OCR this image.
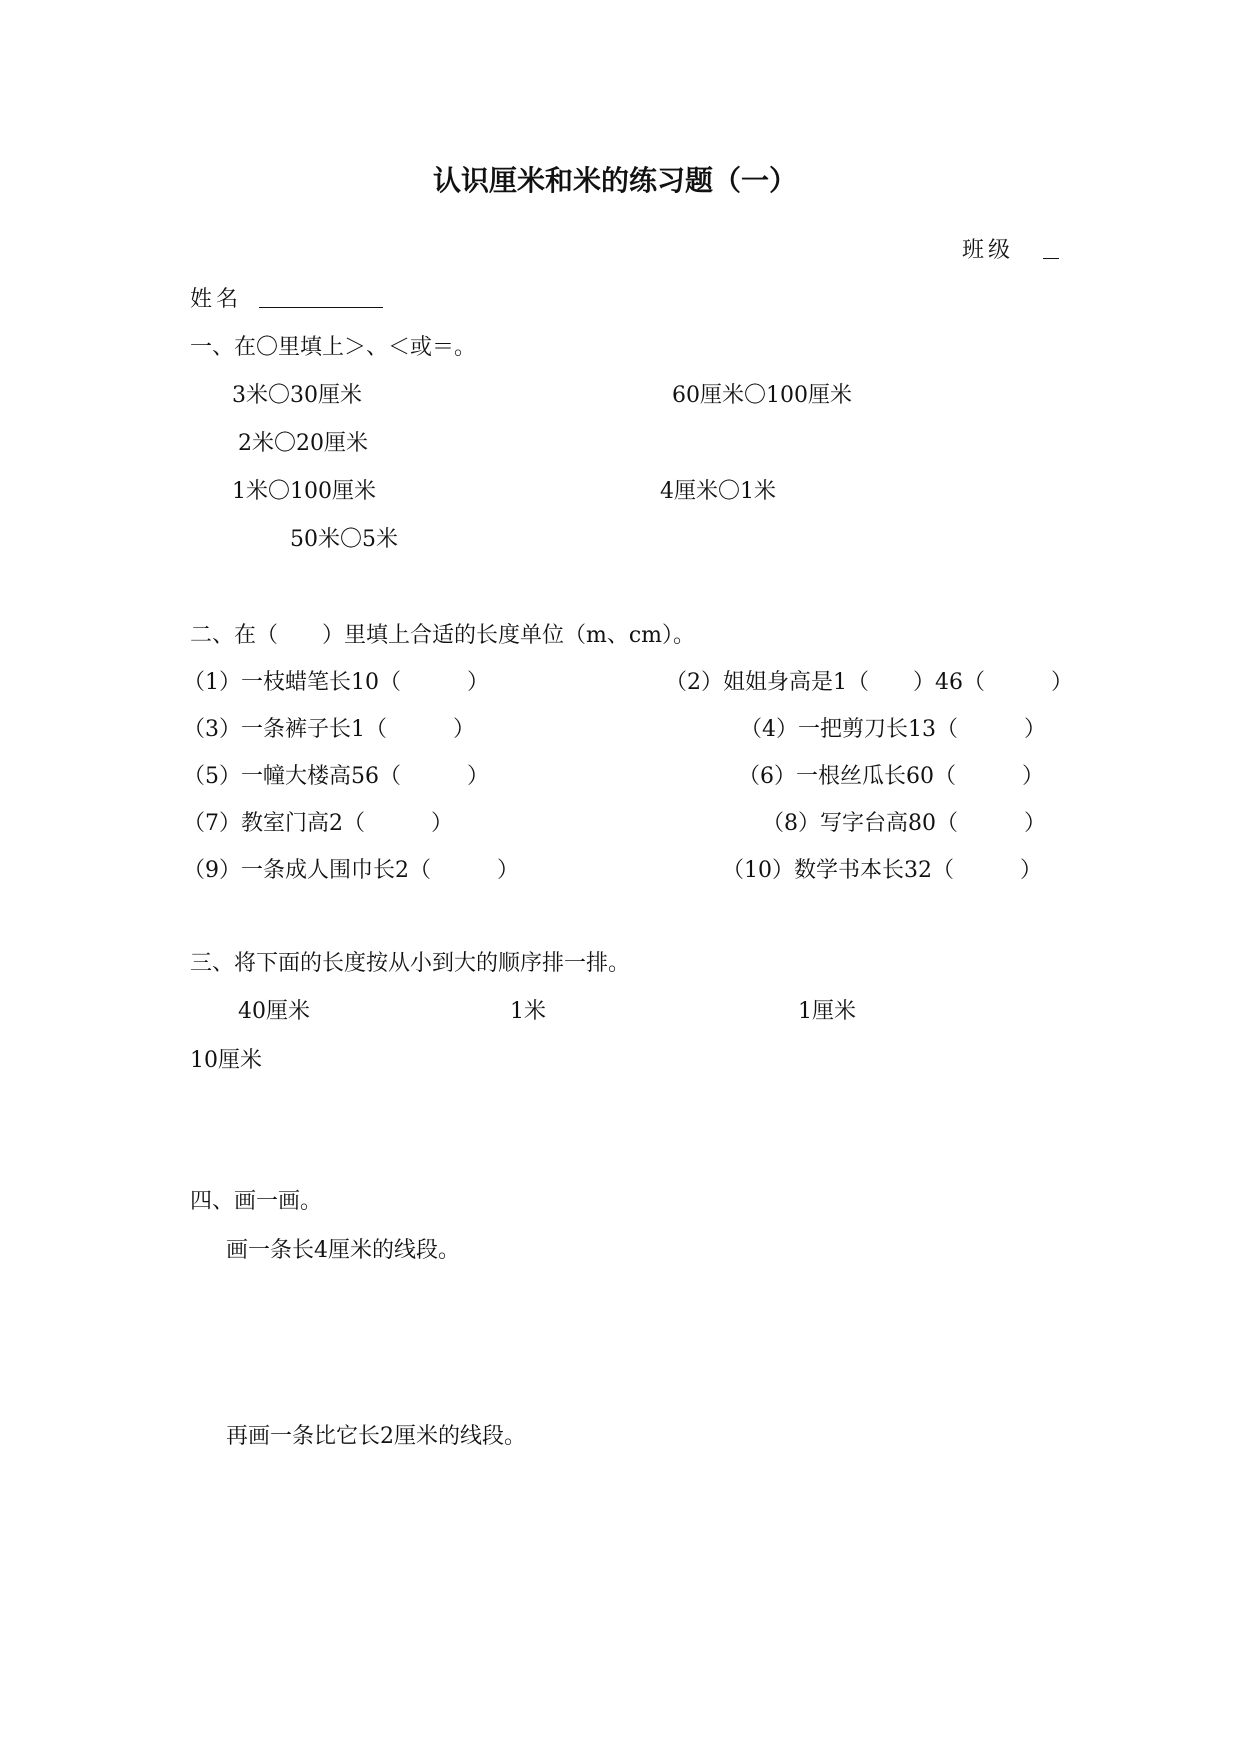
认识厘米和米的练习题（一）
班级
姓名
一、在〇里填上＞、＜或＝。
3米〇30厘米	60厘米〇100厘米
2米〇20厘米
1米〇100厘米	4厘米〇1米
50米〇5米
二、在（　　）里填上合适的长度单位（m、cm）。
（1）一枝蜡笔长10（　　　）	（2）姐姐身高是1（　　）46（　　　）
（3）一条裤子长1（　　　）	（4）一把剪刀长13（　　　）
（5）一幢大楼高56（　　　）	（6）一根丝瓜长60（　　　）
（7）教室门高2（　　　）	（8）写字台高80（　　　）
（9）一条成人围巾长2（　　　）	（10）数学书本长32（　　　）
三、将下面的长度按从小到大的顺序排一排。
40厘米	1米	1厘米
10厘米
四、画一画。
画一条长4厘米的线段。
再画一条比它长2厘米的线段。
